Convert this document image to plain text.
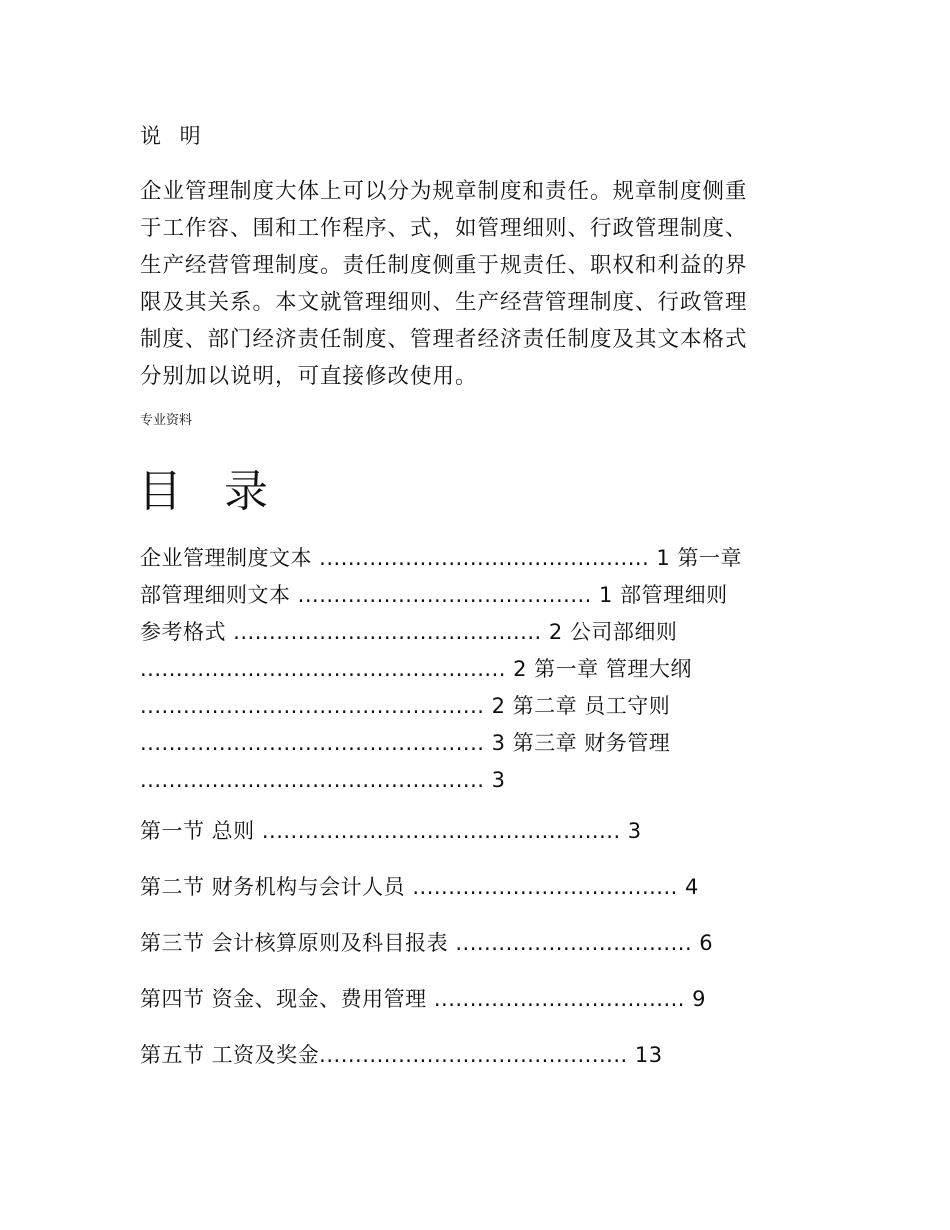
说 明
企业管理制度大体上可以分为规章制度和责任。规章制度侧重
于工作容、围和工作程序、式，如管理细则、行政管理制度、
生产经营管理制度。责任制度侧重于规责任、职权和利益的界
限及其关系。本文就管理细则、生产经营管理制度、行政管理
制度、部门经济责任制度、管理者经济责任制度及其文本格式
分别加以说明，可直接修改使用。
专业资料
目 录
企业管理制度文本 .............................................. 1 第一章
部管理细则文本 ......................................... 1 部管理细则
参考格式 ........................................... 2 公司部细则
................................................... 2 第一章 管理大纲
................................................ 2 第二章 员工守则
................................................ 3 第三章 财务管理
................................................ 3
第一节 总则 .................................................. 3
第二节 财务机构与会计人员 ..................................... 4
第三节 会计核算原则及科目报表 ................................. 6
第四节 资金、现金、费用管理 ................................... 9
第五节 工资及奖金........................................... 13
